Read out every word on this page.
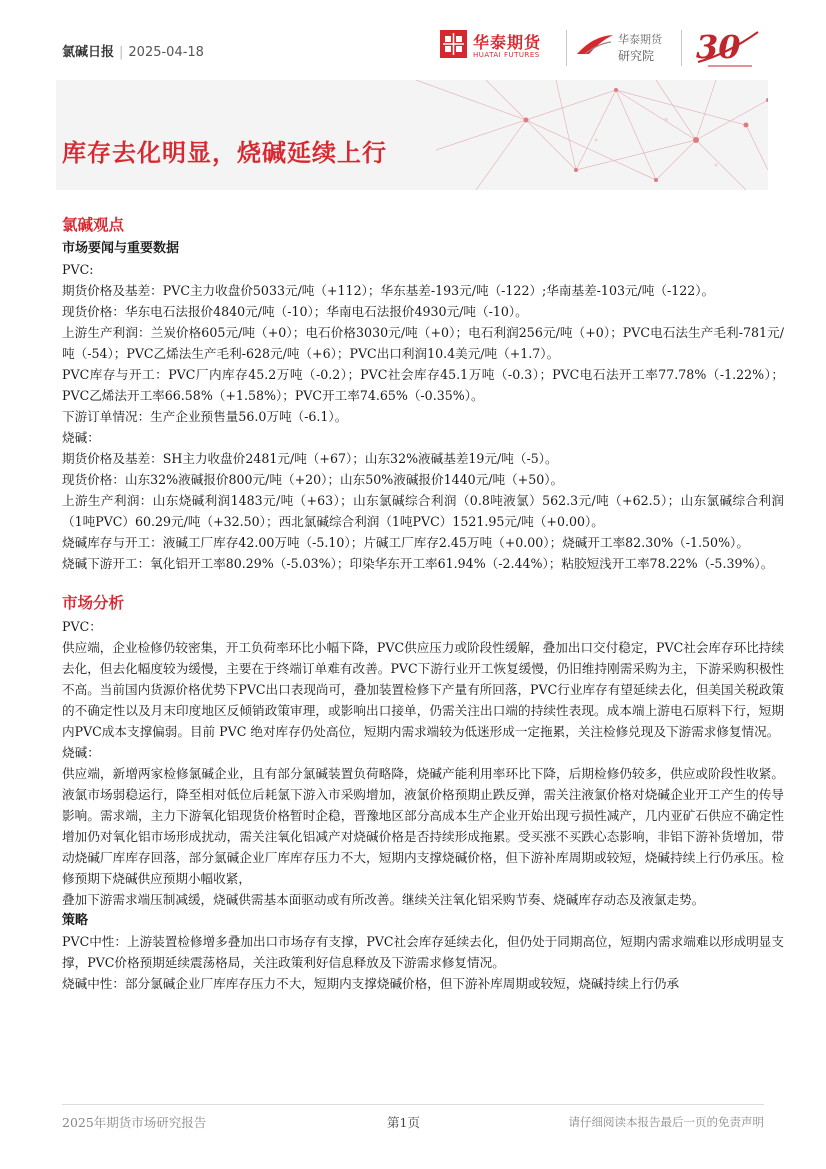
氯碱日报 | 2025-04-18
华泰期货
HUATAI FUTURES
华泰期货
研究院 30
库存去化明显，烧碱延续上行
氯碱观点
市场要闻与重要数据

PVC:

期货价格及基差：PVC主力收盘价5033元/吨（+112）；华东基差-193元/吨（-122）;华南基差-103元/吨（-122）。

现货价格：华东电石法报价4840元/吨（-10）；华南电石法报价4930元/吨（-10）。

上游生产利润：兰炭价格605元/吨（+0）；电石价格3030元/吨（+0）；电石利润256元/吨（+0）；PVC电石法生产毛利-781元/吨（-54）；PVC乙烯法生产毛利-628元/吨（+6）；PVC出口利润10.4美元/吨（+1.7）。

PVC库存与开工：PVC厂内库存45.2万吨（-0.2）；PVC社会库存45.1万吨（-0.3）；PVC电石法开工率77.78%（-1.22%）；PVC乙烯法开工率66.58%（+1.58%）；PVC开工率74.65%（-0.35%）。

下游订单情况：生产企业预售量56.0万吨（-6.1）。

烧碱：

期货价格及基差：SH主力收盘价2481元/吨（+67）；山东32%液碱基差19元/吨（-5）。

现货价格：山东32%液碱报价800元/吨（+20）；山东50%液碱报价1440元/吨（+50）。

上游生产利润：山东烧碱利润1483元/吨（+63）；山东氯碱综合利润（0.8吨液氯）562.3元/吨（+62.5）；山东氯碱综合利润（1吨PVC）60.29元/吨（+32.50）；西北氯碱综合利润（1吨PVC）1521.95元/吨（+0.00）。

烧碱库存与开工：液碱工厂库存42.00万吨（-5.10）；片碱工厂库存2.45万吨（+0.00）；烧碱开工率82.30%（-1.50%）。

烧碱下游开工：氧化铝开工率80.29%（-5.03%）；印染华东开工率61.94%（-2.44%）；粘胶短浅开工率78.22%（-5.39%）。

市场分析

PVC：

供应端，企业检修仍较密集，开工负荷率环比小幅下降，PVC供应压力或阶段性缓解，叠加出口交付稳定，PVC社会库存环比持续去化，但去化幅度较为缓慢，主要在于终端订单难有改善。PVC下游行业开工恢复缓慢，仍旧维持刚需采购为主，下游采购积极性不高。当前国内货源价格优势下PVC出口表现尚可，叠加装置检修下产量有所回落，PVC行业库存有望延续去化，但美国关税政策的不确定性以及月末印度地区反倾销政策审理，或影响出口接单，仍需关注出口端的持续性表现。成本端上游电石原料下行，短期内PVC成本支撑偏弱。目前 PVC 绝对库存仍处高位，短期内需求端较为低迷形成一定拖累，关注检修兑现及下游需求修复情况。

烧碱：

供应端，新增两家检修氯碱企业，且有部分氯碱装置负荷略降，烧碱产能利用率环比下降，后期检修仍较多，供应或阶段性收紧。液氯市场弱稳运行，降至相对低位后耗氯下游入市采购增加，液氯价格预期止跌反弹，需关注液氯价格对烧碱企业开工产生的传导影响。需求端，主力下游氧化铝现货价格暂时企稳，晋豫地区部分高成本生产企业开始出现亏损性减产，几内亚矿石供应不确定性增加仍对氧化铝市场形成扰动，需关注氧化铝减产对烧碱价格是否持续形成拖累。受买涨不买跌心态影响，非铝下游补货增加，带动烧碱厂库库存回落，部分氯碱企业厂库库存压力不大，短期内支撑烧碱价格，但下游补库周期或较短，烧碱持续上行仍承压。检修预期下烧碱供应预期小幅收紧，

叠加下游需求端压制减缓，烧碱供需基本面驱动或有所改善。继续关注氧化铝采购节奏、烧碱库存动态及液氯走势。

策略

PVC中性：上游装置检修增多叠加出口市场存有支撑，PVC社会库存延续去化，但仍处于同期高位，短期内需求端难以形成明显支撑，PVC价格预期延续震荡格局，关注政策利好信息释放及下游需求修复情况。

烧碱中性：部分氯碱企业厂库库存压力不大，短期内支撑烧碱价格，但下游补库周期或较短，烧碱持续上行仍承

2025年期货市场研究报告	第1页	请仔细阅读本报告最后一页的免责声明
